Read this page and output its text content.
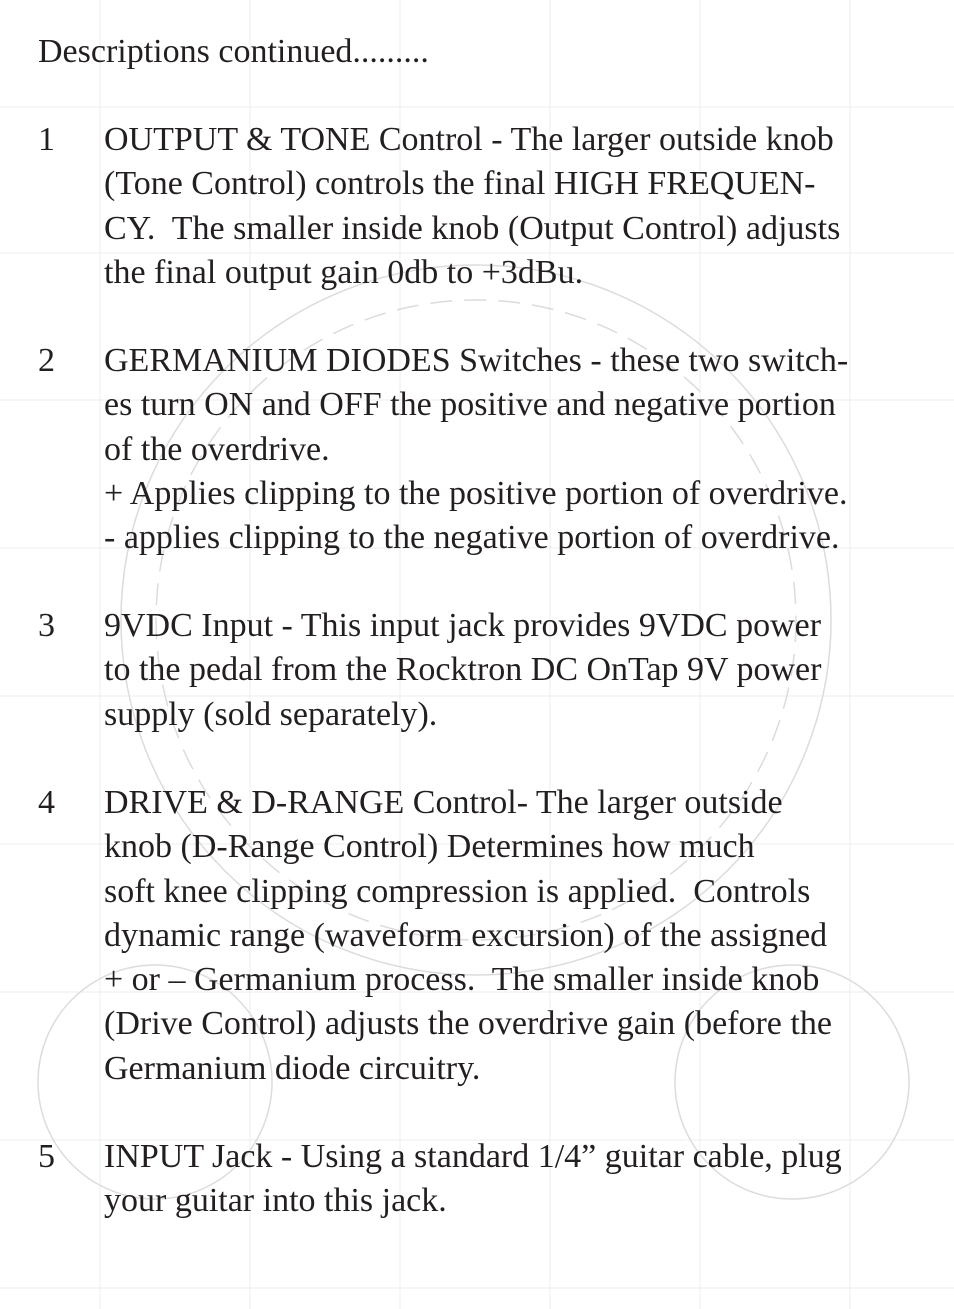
Descriptions continued.........
1 OUTPUT & TONE Control - The larger outside knob
(Tone Control) controls the final HIGH FREQUEN-
CY.  The smaller inside knob (Output Control) adjusts
the final output gain 0db to +3dBu.
2 GERMANIUM DIODES Switches - these two switch-
es turn ON and OFF the positive and negative portion
of the overdrive.
+ Applies clipping to the positive portion of overdrive.
- applies clipping to the negative portion of overdrive.
3 9VDC Input - This input jack provides 9VDC power
to the pedal from the Rocktron DC OnTap 9V power
supply (sold separately).
4 DRIVE & D-RANGE Control- The larger outside
knob (D-Range Control) Determines how much
soft knee clipping compression is applied.  Controls
dynamic range (waveform excursion) of the assigned
+ or – Germanium process.  The smaller inside knob
(Drive Control) adjusts the overdrive gain (before the
Germanium diode circuitry.
5 INPUT Jack - Using a standard 1/4” guitar cable, plug
your guitar into this jack.
